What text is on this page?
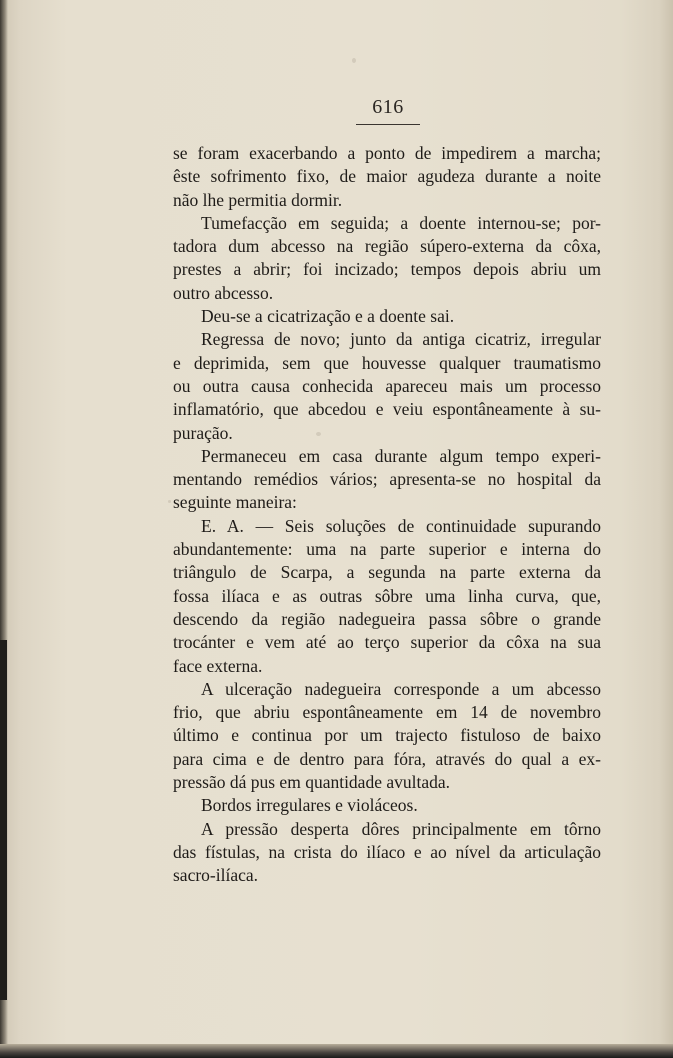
616
se foram exacerbando a ponto de impedirem a marcha;
êste sofrimento fixo, de maior agudeza durante a noite
não lhe permitia dormir.
Tumefacção em seguida; a doente internou-se; por-
tadora dum abcesso na região súpero-externa da côxa,
prestes a abrir; foi incizado; tempos depois abriu um
outro abcesso.
Deu-se a cicatrização e a doente sai.
Regressa de novo; junto da antiga cicatriz, irregular
e deprimida, sem que houvesse qualquer traumatismo
ou outra causa conhecida apareceu mais um processo
inflamatório, que abcedou e veiu espontâneamente à su-
puração.
Permaneceu em casa durante algum tempo experi-
mentando remédios vários; apresenta-se no hospital da
seguinte maneira:
E. A. — Seis soluções de continuidade supurando
abundantemente: uma na parte superior e interna do
triângulo de Scarpa, a segunda na parte externa da
fossa ilíaca e as outras sôbre uma linha curva, que,
descendo da região nadegueira passa sôbre o grande
trocánter e vem até ao terço superior da côxa na sua
face externa.
A ulceração nadegueira corresponde a um abcesso
frio, que abriu espontâneamente em 14 de novembro
último e continua por um trajecto fistuloso de baixo
para cima e de dentro para fóra, através do qual a ex-
pressão dá pus em quantidade avultada.
Bordos irregulares e violáceos.
A pressão desperta dôres principalmente em tôrno
das fístulas, na crista do ilíaco e ao nível da articulação
sacro-ilíaca.
